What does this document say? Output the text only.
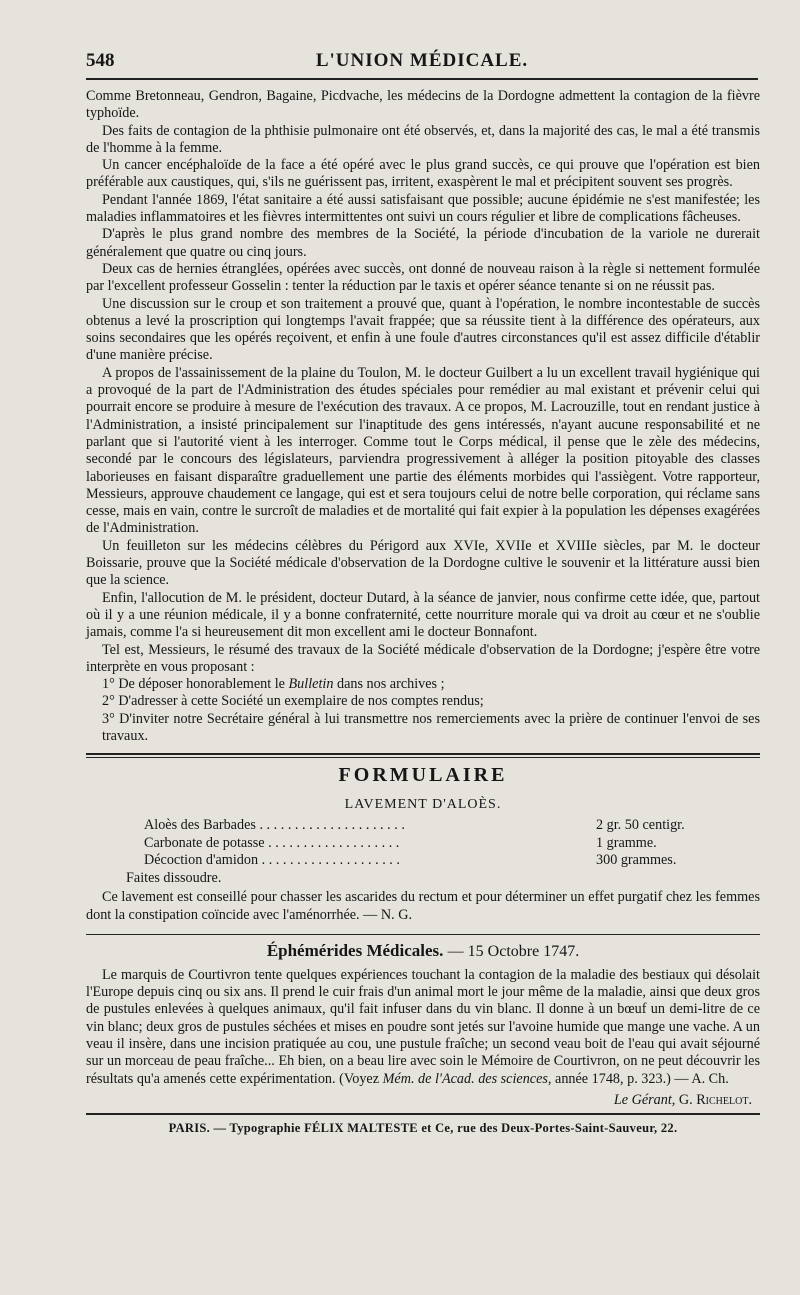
548	L'UNION MÉDICALE.

Comme Bretonneau, Gendron, Bagaine, Picdvache, les médecins de la Dordogne admettent la contagion de la fièvre typhoïde.

Des faits de contagion de la phthisie pulmonaire ont été observés, et, dans la majorité des cas, le mal a été transmis de l'homme à la femme.

Un cancer encéphaloïde de la face a été opéré avec le plus grand succès, ce qui prouve que l'opération est bien préférable aux caustiques, qui, s'ils ne guérissent pas, irritent, exaspèrent le mal et précipitent souvent ses progrès.

Pendant l'année 1869, l'état sanitaire a été aussi satisfaisant que possible; aucune épidémie ne s'est manifestée; les maladies inflammatoires et les fièvres intermittentes ont suivi un cours régulier et libre de complications fâcheuses.

D'après le plus grand nombre des membres de la Société, la période d'incubation de la variole ne durerait généralement que quatre ou cinq jours.

Deux cas de hernies étranglées, opérées avec succès, ont donné de nouveau raison à la règle si nettement formulée par l'excellent professeur Gosselin : tenter la réduction par le taxis et opérer séance tenante si on ne réussit pas.

Une discussion sur le croup et son traitement a prouvé que, quant à l'opération, le nombre incontestable de succès obtenus a levé la proscription qui longtemps l'avait frappée; que sa réussite tient à la différence des opérateurs, aux soins secondaires que les opérés reçoivent, et enfin à une foule d'autres circonstances qu'il est assez difficile d'établir d'une manière précise.

A propos de l'assainissement de la plaine du Toulon, M. le docteur Guilbert a lu un excellent travail hygiénique qui a provoqué de la part de l'Administration des études spéciales pour remédier au mal existant et prévenir celui qui pourrait encore se produire à mesure de l'exécution des travaux. A ce propos, M. Lacrouzille, tout en rendant justice à l'Administration, a insisté principalement sur l'inaptitude des gens intéressés, n'ayant aucune responsabilité et ne parlant que si l'autorité vient à les interroger. Comme tout le Corps médical, il pense que le zèle des médecins, secondé par le concours des législateurs, parviendra progressivement à alléger la position pitoyable des classes laborieuses en faisant disparaître graduellement une partie des éléments morbides qui l'assiègent. Votre rapporteur, Messieurs, approuve chaudement ce langage, qui est et sera toujours celui de notre belle corporation, qui réclame sans cesse, mais en vain, contre le surcroît de maladies et de mortalité qui fait expier à la population les dépenses exagérées de l'Administration.

Un feuilleton sur les médecins célèbres du Périgord aux XVIe, XVIIe et XVIIIe siècles, par M. le docteur Boissarie, prouve que la Société médicale d'observation de la Dordogne cultive le souvenir et la littérature aussi bien que la science.

Enfin, l'allocution de M. le président, docteur Dutard, à la séance de janvier, nous confirme cette idée, que, partout où il y a une réunion médicale, il y a bonne confraternité, cette nourriture morale qui va droit au cœur et ne s'oublie jamais, comme l'a si heureusement dit mon excellent ami le docteur Bonnafont.

Tel est, Messieurs, le résumé des travaux de la Société médicale d'observation de la Dordogne; j'espère être votre interprète en vous proposant :

1° De déposer honorablement le Bulletin dans nos archives ;
2° D'adresser à cette Société un exemplaire de nos comptes rendus;
3° D'inviter notre Secrétaire général à lui transmettre nos remerciements avec la prière de continuer l'envoi de ses travaux.
FORMULAIRE
LAVEMENT D'ALOÈS.
Aloès des Barbades . . . . . . . . . . . . . . . . . . . . .	2 gr. 50 centigr.
Carbonate de potasse . . . . . . . . . . . . . . . . . . .	1 gramme.
Décoction d'amidon . . . . . . . . . . . . . . . . . . . .	300 grammes.
Faites dissoudre.

Ce lavement est conseillé pour chasser les ascarides du rectum et pour déterminer un effet purgatif chez les femmes dont la constipation coïncide avec l'aménorrhée. — N. G.

Éphémérides Médicales. — 15 Octobre 1747.

Le marquis de Courtivron tente quelques expériences touchant la contagion de la maladie des bestiaux qui désolait l'Europe depuis cinq ou six ans. Il prend le cuir frais d'un animal mort le jour même de la maladie, ainsi que deux gros de pustules enlevées à quelques animaux, qu'il fait infuser dans du vin blanc. Il donne à un bœuf un demi-litre de ce vin blanc; deux gros de pustules séchées et mises en poudre sont jetés sur l'avoine humide que mange une vache. A un veau il insère, dans une incision pratiquée au cou, une pustule fraîche; un second veau boit de l'eau qui avait séjourné sur un morceau de peau fraîche... Eh bien, on a beau lire avec soin le Mémoire de Courtivron, on ne peut découvrir les résultats qu'a amenés cette expérimentation. (Voyez Mém. de l'Acad. des sciences, année 1748, p. 323.) — A. Ch.

Le Gérant, G. Richelot.
PARIS. — Typographie FÉLIX MALTESTE et Ce, rue des Deux-Portes-Saint-Sauveur, 22.
